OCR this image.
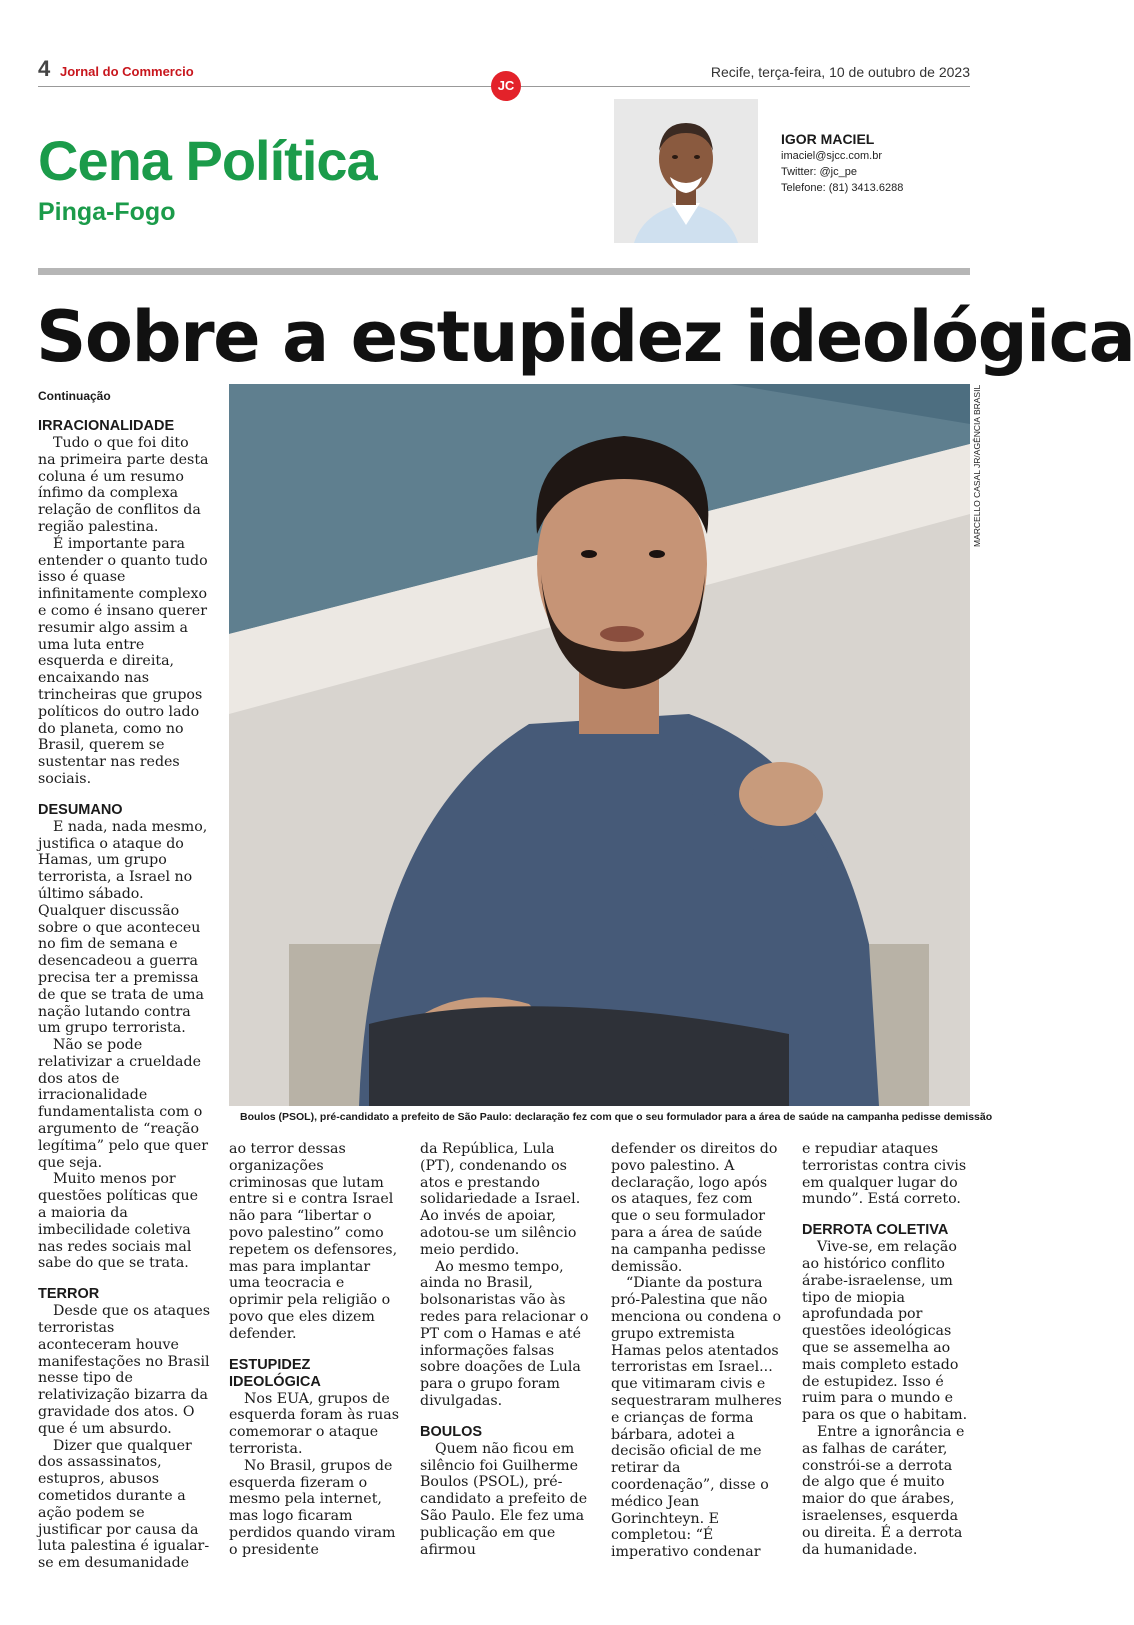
4 Jornal do Commercio	Recife, terça-feira, 10 de outubro de 2023
JC
Cena Política
Pinga-Fogo
IGOR MACIEL
imaciel@sjcc.com.br
Twitter: @jc_pe
Telefone: (81) 3413.6288
Sobre a estupidez ideológica
Continuação

IRRACIONALIDADE

Tudo o que foi dito na primeira parte desta coluna é um resumo ínfimo da complexa relação de conflitos da região palestina.

É importante para entender o quanto tudo isso é quase infinitamente complexo e como é insano querer resumir algo assim a uma luta entre esquerda e direita, encaixando nas trincheiras que grupos políticos do outro lado do planeta, como no Brasil, querem se sustentar nas redes sociais.

DESUMANO

E nada, nada mesmo, justifica o ataque do Hamas, um grupo terrorista, a Israel no último sábado. Qualquer discussão sobre o que aconteceu no fim de semana e desencadeou a guerra precisa ter a premissa de que se trata de uma nação lutando contra um grupo terrorista.

Não se pode relativizar a crueldade dos atos de irracionalidade fundamentalista com o argumento de “reação legítima” pelo que quer que seja.

Muito menos por questões políticas que a maioria da imbecilidade coletiva nas redes sociais mal sabe do que se trata.

TERROR

Desde que os ataques terroristas aconteceram houve manifestações no Brasil nesse tipo de relativização bizarra da gravidade dos atos. O que é um absurdo.

Dizer que qualquer dos assassinatos, estupros, abusos cometidos durante a ação podem se justificar por causa da luta palestina é igualar-se em desumanidade

MARCELLO CASAL JR/AGÊNCIA BRASIL
Boulos (PSOL), pré-candidato a prefeito de São Paulo: declaração fez com que o seu formulador para a área de saúde na campanha pedisse demissão

ao terror dessas organizações criminosas que lutam entre si e contra Israel não para “libertar o povo palestino” como repetem os defensores, mas para implantar uma teocracia e oprimir pela religião o povo que eles dizem defender.

ESTUPIDEZ IDEOLÓGICA

Nos EUA, grupos de esquerda foram às ruas comemorar o ataque terrorista.

No Brasil, grupos de esquerda fizeram o mesmo pela internet, mas logo ficaram perdidos quando viram o presidente

da República, Lula (PT), condenando os atos e prestando solidariedade a Israel. Ao invés de apoiar, adotou-se um silêncio meio perdido.

Ao mesmo tempo, ainda no Brasil, bolsonaristas vão às redes para relacionar o PT com o Hamas e até informações falsas sobre doações de Lula para o grupo foram divulgadas.

BOULOS

Quem não ficou em silêncio foi Guilherme Boulos (PSOL), pré-candidato a prefeito de São Paulo. Ele fez uma publicação em que afirmou

defender os direitos do povo palestino. A declaração, logo após os ataques, fez com que o seu formulador para a área de saúde na campanha pedisse demissão.

“Diante da postura pró-Palestina que não menciona ou condena o grupo extremista Hamas pelos atentados terroristas em Israel... que vitimaram civis e sequestraram mulheres e crianças de forma bárbara, adotei a decisão oficial de me retirar da coordenação”, disse o médico Jean Gorinchteyn. E completou: “É imperativo condenar

e repudiar ataques terroristas contra civis em qualquer lugar do mundo”. Está correto.

DERROTA COLETIVA

Vive-se, em relação ao histórico conflito árabe-israelense, um tipo de miopia aprofundada por questões ideológicas que se assemelha ao mais completo estado de estupidez. Isso é ruim para o mundo e para os que o habitam.

Entre a ignorância e as falhas de caráter, constrói-se a derrota de algo que é muito maior do que árabes, israelenses, esquerda ou direita. É a derrota da humanidade.
